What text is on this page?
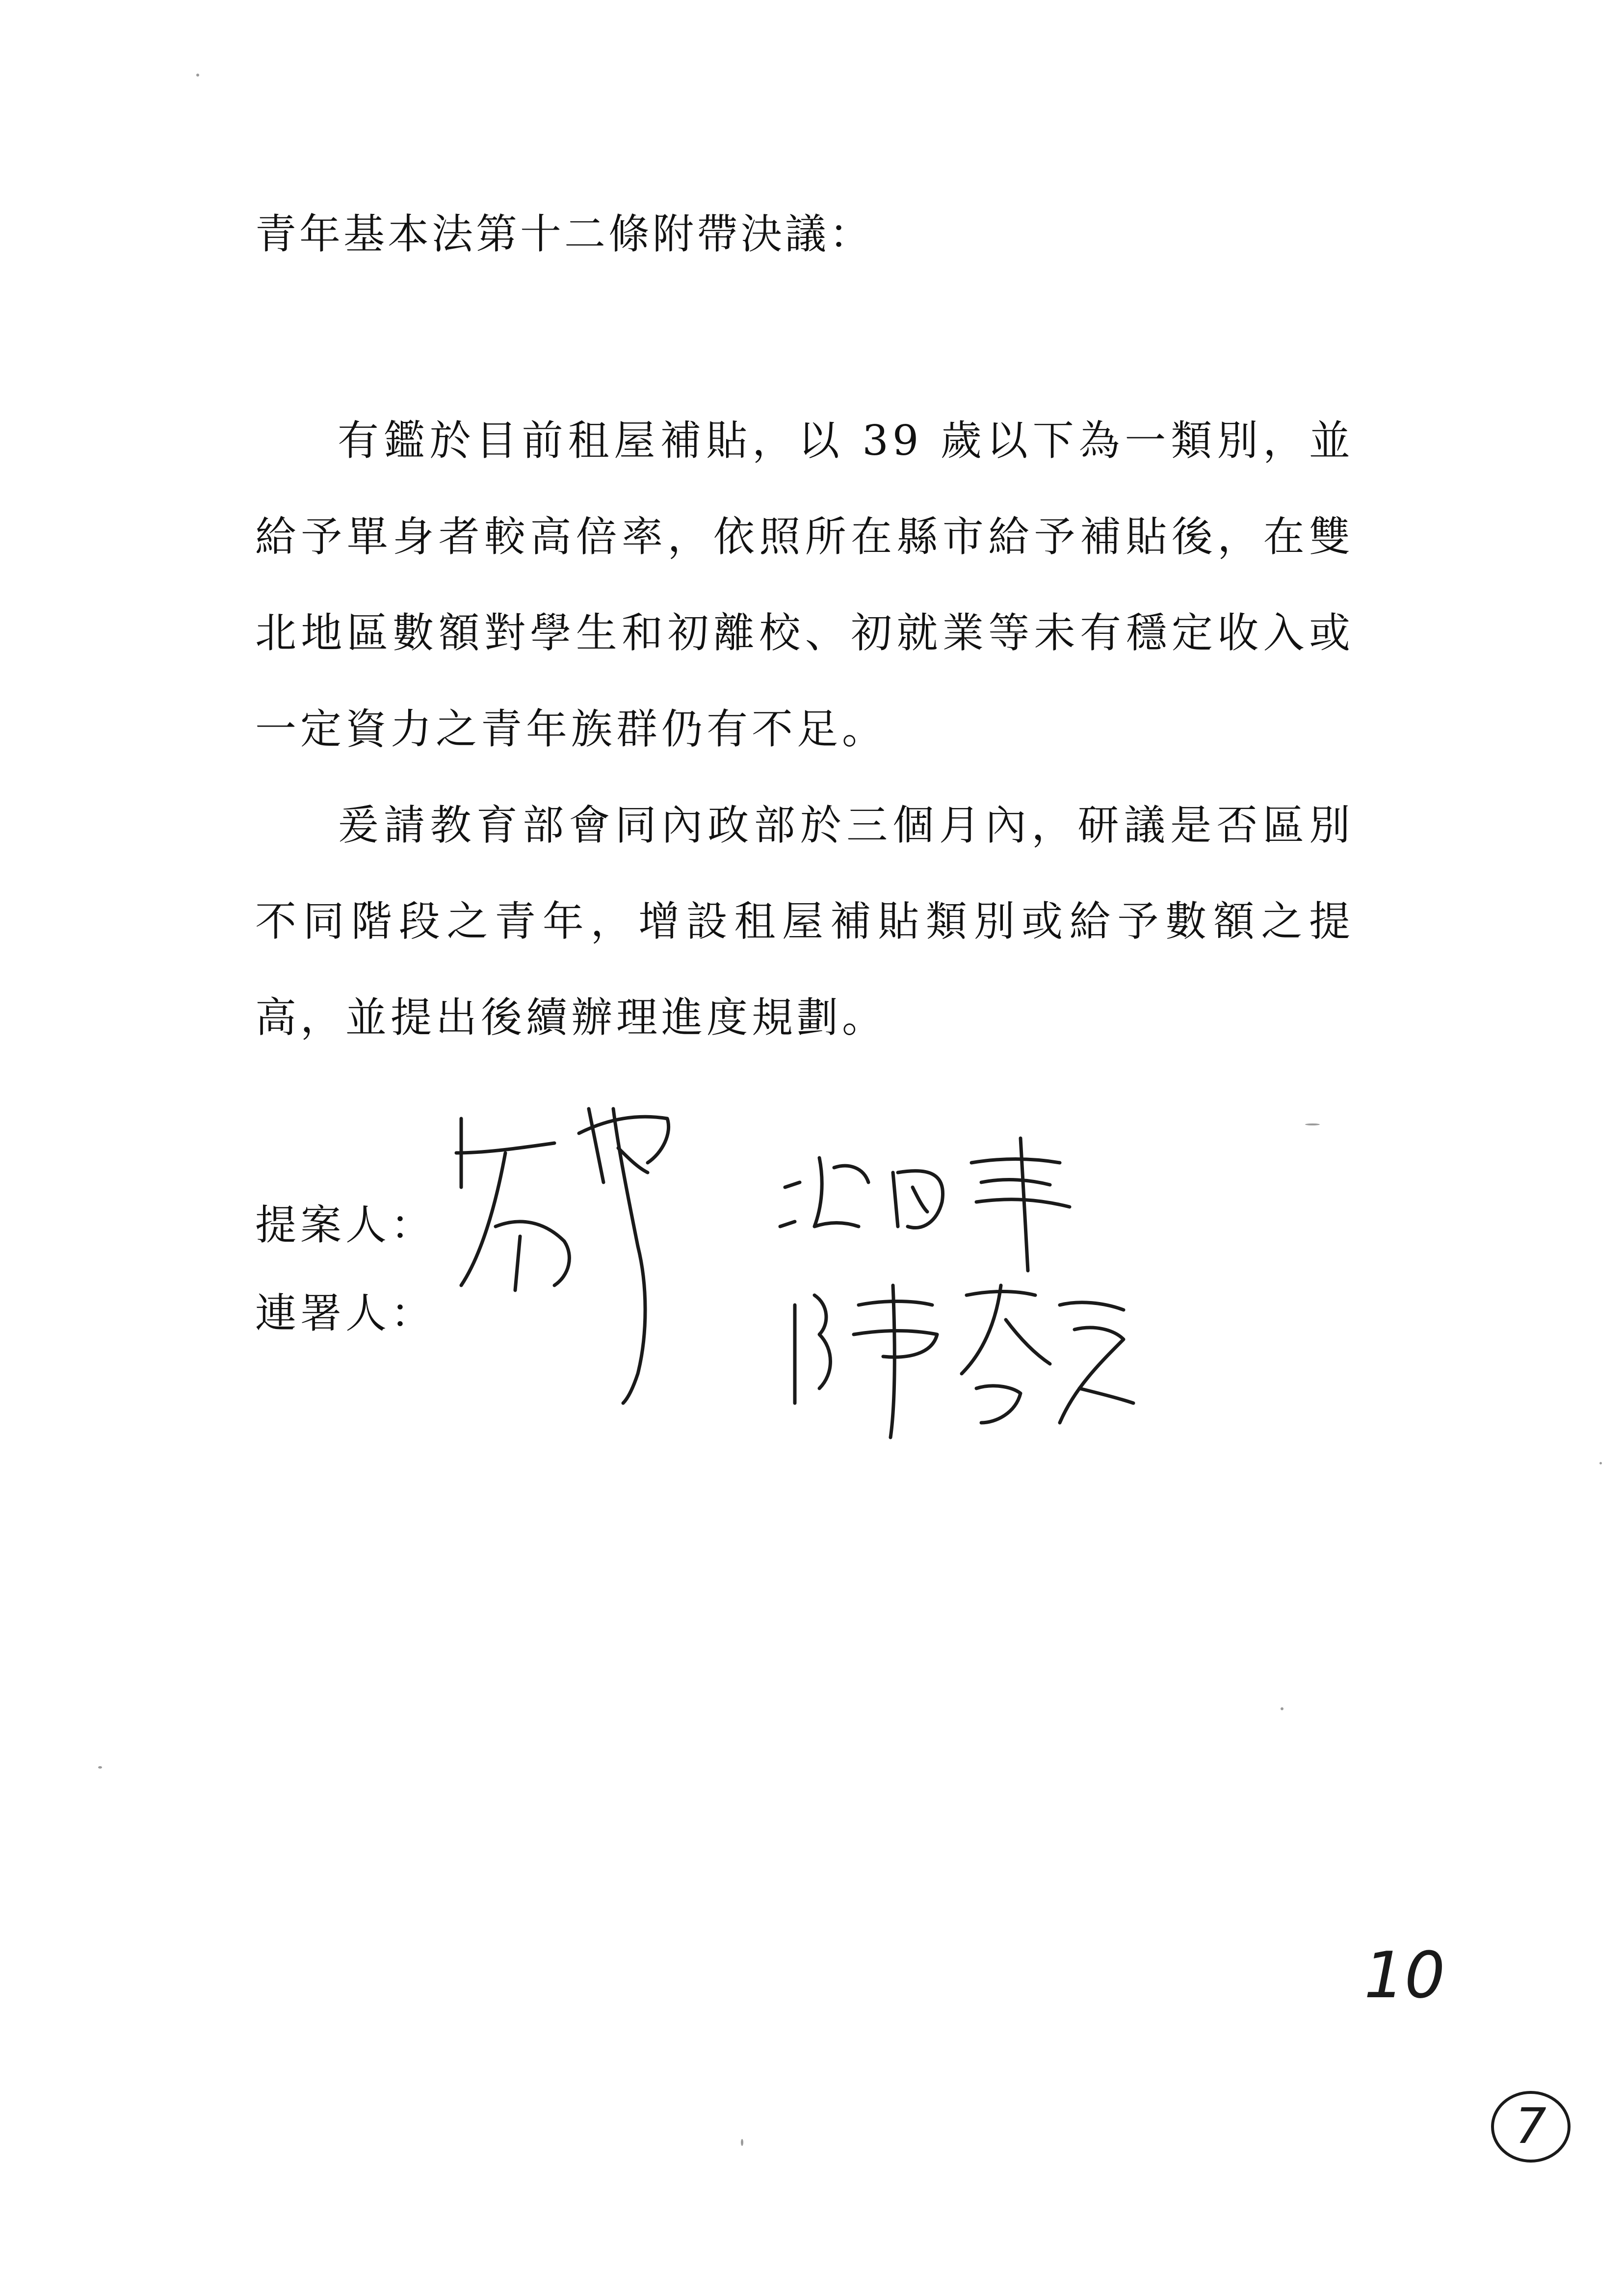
青年基本法第十二條附帶決議：

有鑑於目前租屋補貼，以 39 歲以下為一類別，並給予單身者較高倍率，依照所在縣市給予補貼後，在雙北地區數額對學生和初離校、初就業等未有穩定收入或一定資力之青年族群仍有不足。

爰請教育部會同內政部於三個月內，研議是否區別不同階段之青年，增設租屋補貼類別或給予數額之提高，並提出後續辦理進度規劃。

提案人：
連署人：
10
7
